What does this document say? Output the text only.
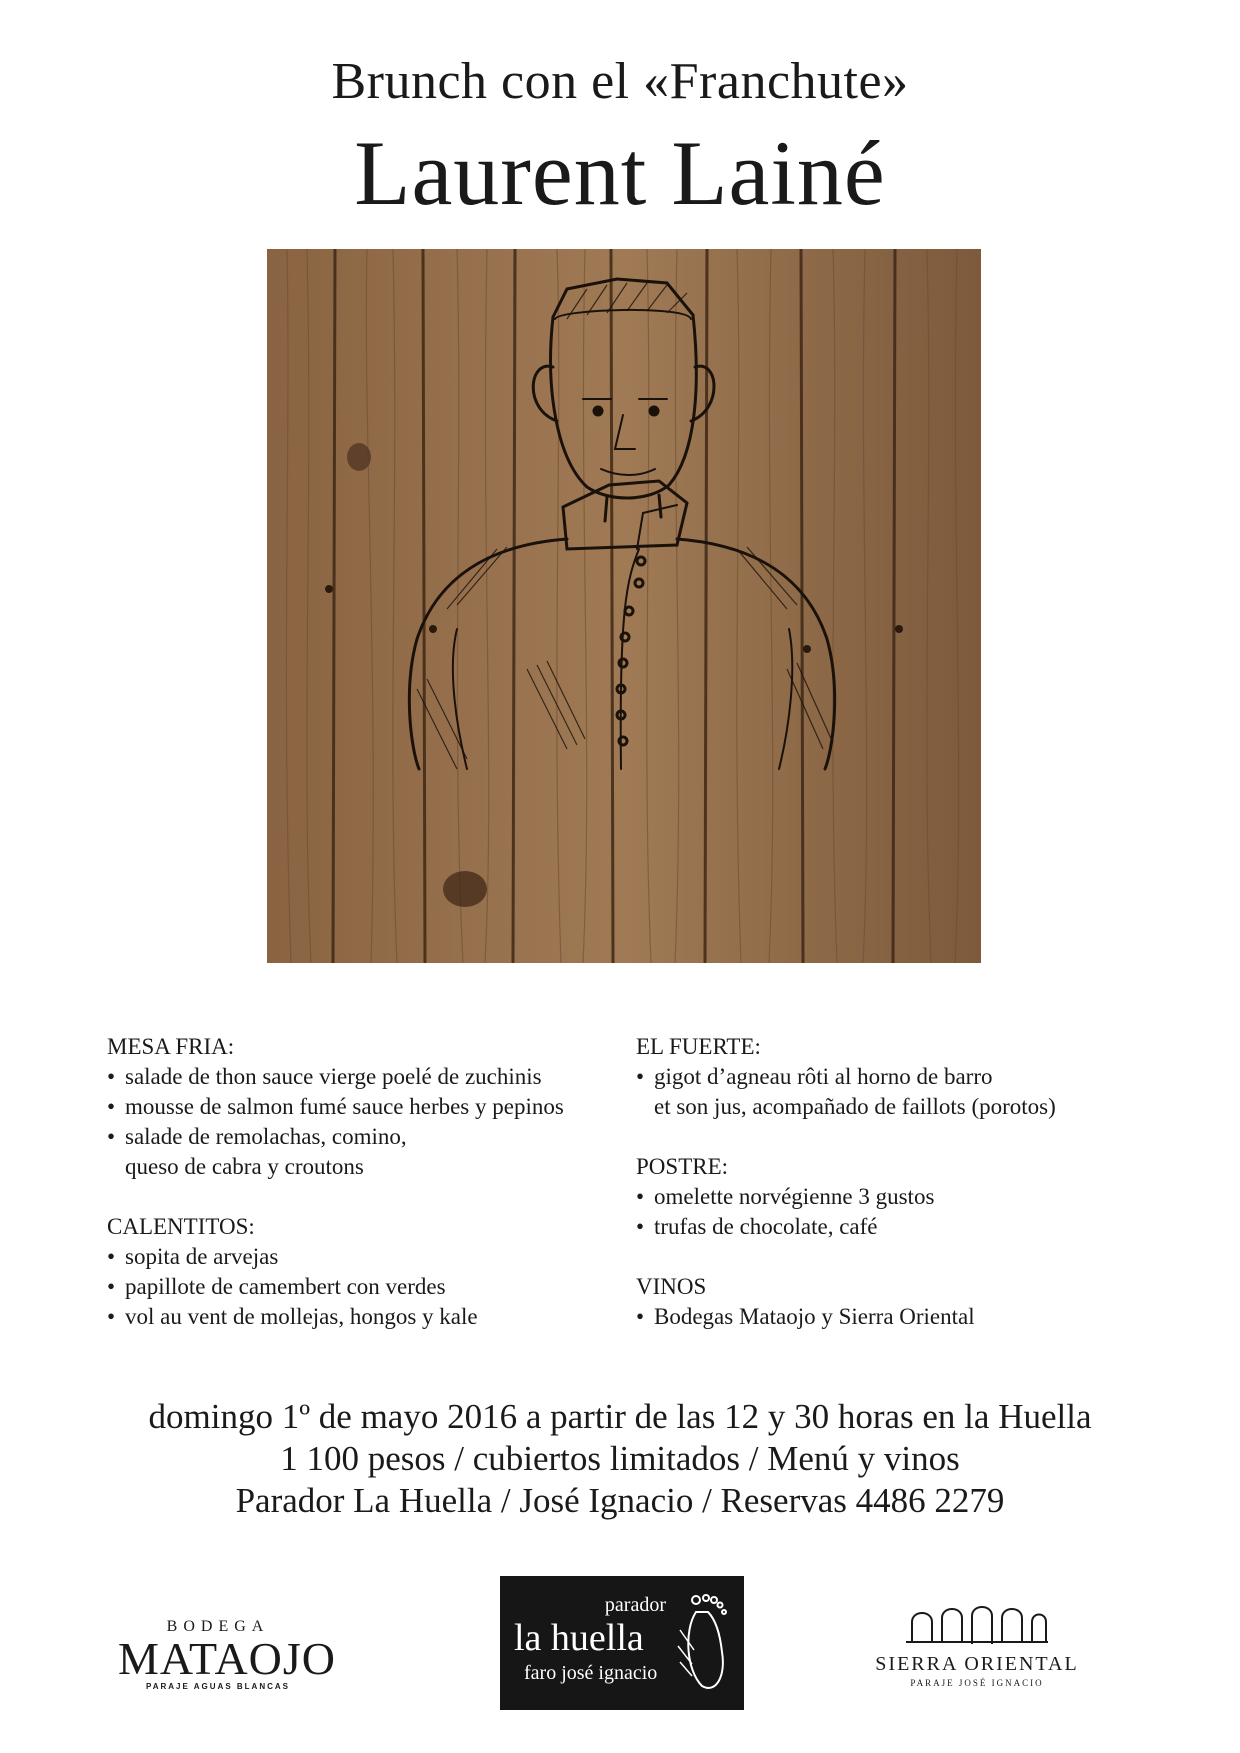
Brunch con el «Franchute»
Laurent Lainé
MESA FRIA:
• salade de thon sauce vierge poelé de zuchinis
• mousse de salmon fumé sauce herbes y pepinos
• salade de remolachas, comino,
queso de cabra y croutons
CALENTITOS:
• sopita de arvejas
• papillote de camembert con verdes
• vol au vent de mollejas, hongos y kale
EL FUERTE:
• gigot d’agneau rôti al horno de barro
et son jus, acompañado de faillots (porotos)
POSTRE:
• omelette norvégienne 3 gustos
• trufas de chocolate, café
VINOS
• Bodegas Mataojo y Sierra Oriental
domingo 1º de mayo 2016 a partir de las 12 y 30 horas en la Huella
1 100 pesos / cubiertos limitados / Menú y vinos
Parador La Huella / José Ignacio / Reservas 4486 2279
BODEGA
MATAOJO
PARAJE AGUAS BLANCAS
parador
la huella
faro josé ignacio	SIERRA ORIENTAL
PARAJE JOSÉ IGNACIO
